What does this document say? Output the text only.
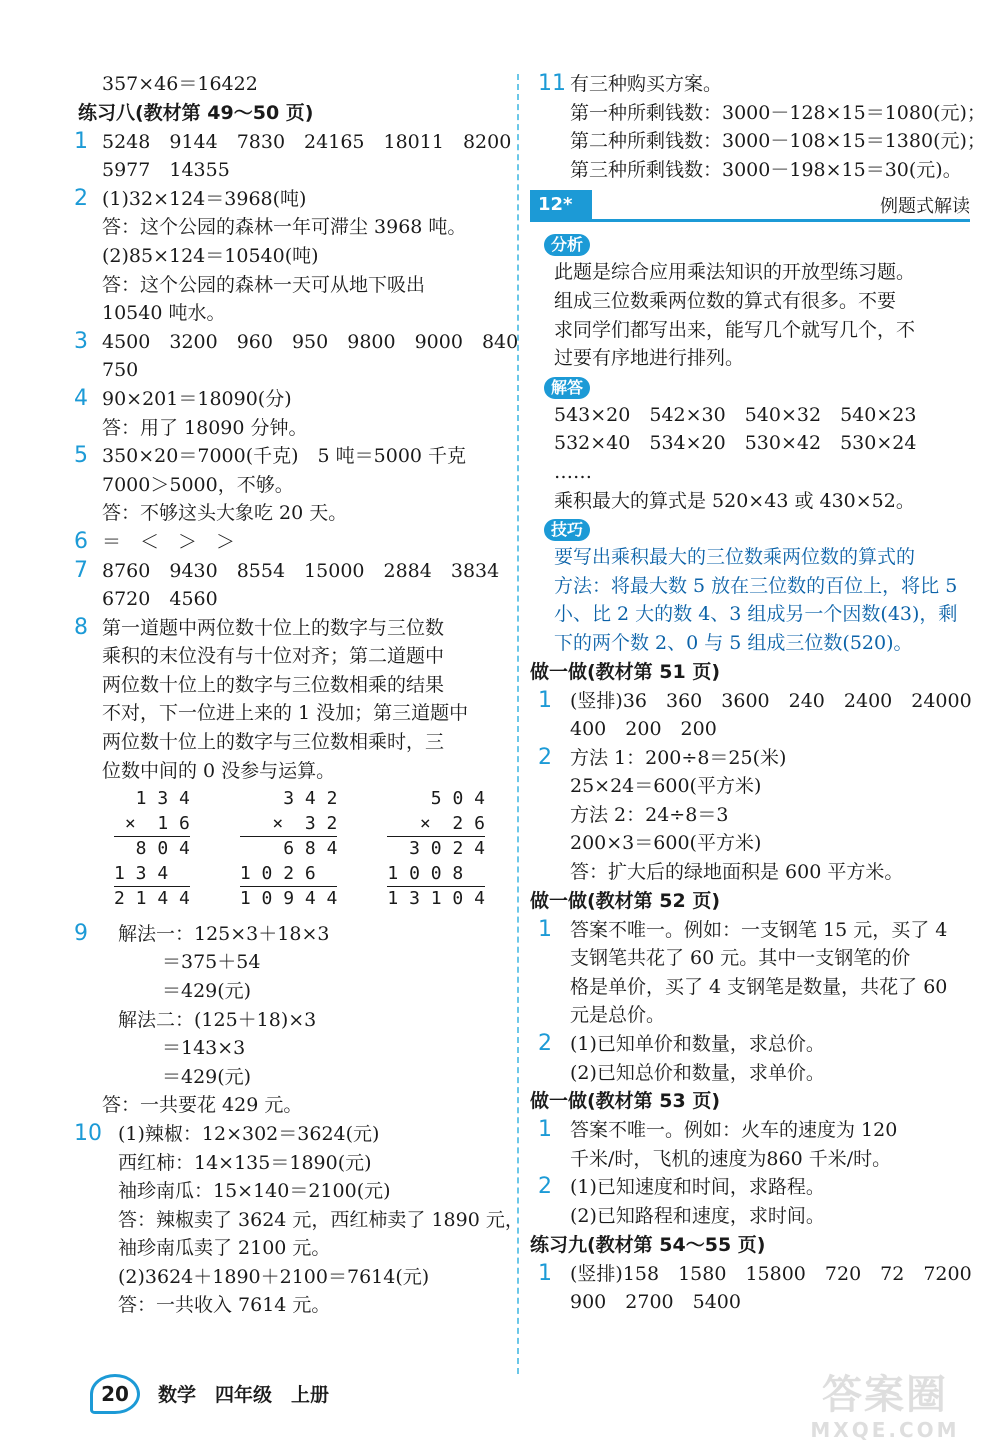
357×46＝16422
练习八(教材第 49～50 页)
1 5248　9144　7830　24165　18011　8200
5977　14355
2 (1)32×124＝3968(吨)
答：这个公园的森林一年可滞尘 3968 吨。
(2)85×124＝10540(吨)
答：这个公园的森林一天可从地下吸出
10540 吨水。
3 4500　3200　960　950　9800　9000　840
750
4 90×201＝18090(分)
答：用了 18090 分钟。
5 350×20＝7000(千克)　5 吨＝5000 千克
7000＞5000，不够。
答：不够这头大象吃 20 天。
6 ＝　＜　＞　＞
7 8760　9430　8554　15000　2884　3834
6720　4560
8 第一道题中两位数十位上的数字与三位数
乘积的末位没有与十位对齐；第二道题中
两位数十位上的数字与三位数相乘的结果
不对，下一位进上来的 1 没加；第三道题中
两位数十位上的数字与三位数相乘时，三
位数中间的 0 没参与运算。
1 3 4
×  1 6
8 0 4
1 3 4
2 1 4 4
3 4 2
×  3 2
6 8 4
1 0 2 6
1 0 9 4 4
5 0 4
×  2 6
3 0 2 4
1 0 0 8
1 3 1 0 4
9 解法一：125×3＋18×3
＝375＋54
＝429(元)
解法二：(125＋18)×3
＝143×3
＝429(元)
答：一共要花 429 元。
10 (1)辣椒：12×302＝3624(元)
西红柿：14×135＝1890(元)
袖珍南瓜：15×140＝2100(元)
答：辣椒卖了 3624 元，西红柿卖了 1890 元，
袖珍南瓜卖了 2100 元。
(2)3624＋1890＋2100＝7614(元)
答：一共收入 7614 元。
11 有三种购买方案。
第一种所剩钱数：3000－128×15＝1080(元)；
第二种所剩钱数：3000－108×15＝1380(元)；
第三种所剩钱数：3000－198×15＝30(元)。
12*	例题式解读
分析
此题是综合应用乘法知识的开放型练习题。
组成三位数乘两位数的算式有很多。不要
求同学们都写出来，能写几个就写几个，不
过要有序地进行排列。
解答
543×20　542×30　540×32　540×23
532×40　534×20　530×42　530×24
……
乘积最大的算式是 520×43 或 430×52。
技巧
要写出乘积最大的三位数乘两位数的算式的
方法：将最大数 5 放在三位数的百位上，将比 5
小、比 2 大的数 4、3 组成另一个因数(43)，剩
下的两个数 2、0 与 5 组成三位数(520)。
做一做(教材第 51 页)
1 (竖排)36　360　3600　240　2400　24000
400　200　200
2 方法 1：200÷8＝25(米)
25×24＝600(平方米)
方法 2：24÷8＝3
200×3＝600(平方米)
答：扩大后的绿地面积是 600 平方米。
做一做(教材第 52 页)
1 答案不唯一。例如：一支钢笔 15 元，买了 4
支钢笔共花了 60 元。其中一支钢笔的价
格是单价，买了 4 支钢笔是数量，共花了 60
元是总价。
2 (1)已知单价和数量，求总价。
(2)已知总价和数量，求单价。
做一做(教材第 53 页)
1 答案不唯一。例如：火车的速度为 120
千米/时，飞机的速度为860 千米/时。
2 (1)已知速度和时间，求路程。
(2)已知路程和速度，求时间。
练习九(教材第 54～55 页)
1 (竖排)158　1580　15800　720　72　7200
900　2700　5400
20	数学　四年级　上册	答案圈
MXQE.COM
